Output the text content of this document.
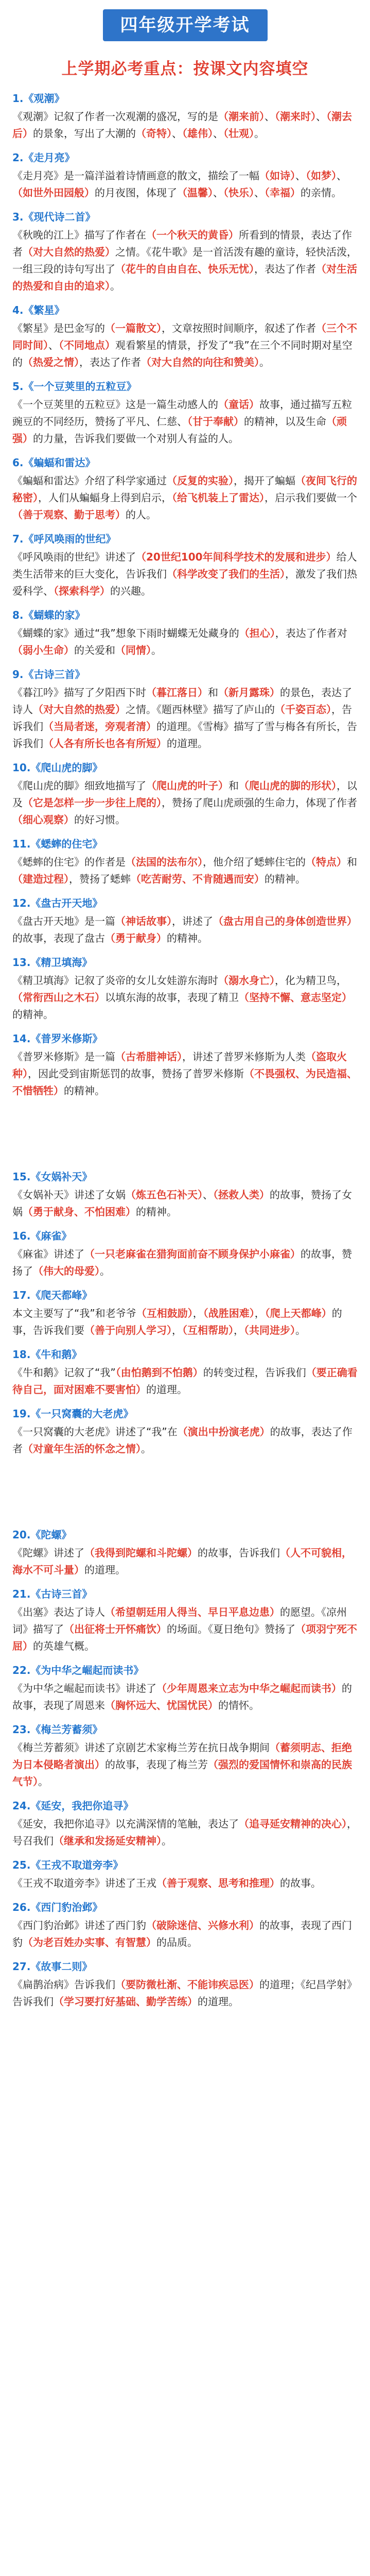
四年级开学考试
上学期必考重点：按课文内容填空
1.《观潮》
《观潮》记叙了作者一次观潮的盛况，写的是（潮来前）、（潮来时）、（潮去后）的景象，写出了大潮的（奇特）、（雄伟）、（壮观）。
2.《走月亮》
《走月亮》是一篇洋溢着诗情画意的散文，描绘了一幅（如诗）、（如梦）、（如世外田园般）的月夜图，体现了（温馨）、（快乐）、（幸福）的亲情。
3.《现代诗二首》
《秋晚的江上》描写了作者在（一个秋天的黄昏）所看到的情景，表达了作者（对大自然的热爱）之情。《花牛歌》是一首活泼有趣的童诗，轻快活泼，一组三段的诗句写出了（花牛的自由自在、快乐无忧），表达了作者（对生活的热爱和自由的追求）。
4.《繁星》
《繁星》是巴金写的（一篇散文），文章按照时间顺序，叙述了作者（三个不同时间）、（不同地点）观看繁星的情景，抒发了“我”在三个不同时期对星空的（热爱之情），表达了作者（对大自然的向往和赞美）。
5.《一个豆荚里的五粒豆》
《一个豆荚里的五粒豆》这是一篇生动感人的（童话）故事，通过描写五粒豌豆的不同经历，赞扬了平凡、仁慈、（甘于奉献）的精神，以及生命（顽强）的力量，告诉我们要做一个对别人有益的人。
6.《蝙蝠和雷达》
《蝙蝠和雷达》介绍了科学家通过（反复的实验），揭开了蝙蝠（夜间飞行的秘密），人们从蝙蝠身上得到启示，（给飞机装上了雷达），启示我们要做一个（善于观察、勤于思考）的人。
7.《呼风唤雨的世纪》
《呼风唤雨的世纪》讲述了（20世纪100年间科学技术的发展和进步）给人类生活带来的巨大变化，告诉我们（科学改变了我们的生活），激发了我们热爱科学、（探索科学）的兴趣。
8.《蝴蝶的家》
《蝴蝶的家》通过“我”想象下雨时蝴蝶无处藏身的（担心），表达了作者对（弱小生命）的关爱和（同情）。
9.《古诗三首》
《暮江吟》描写了夕阳西下时（暮江落日）和（新月露珠）的景色，表达了诗人（对大自然的热爱）之情。《题西林壁》描写了庐山的（千姿百态），告诉我们（当局者迷，旁观者清）的道理。《雪梅》描写了雪与梅各有所长，告诉我们（人各有所长也各有所短）的道理。
10.《爬山虎的脚》
《爬山虎的脚》细致地描写了（爬山虎的叶子）和（爬山虎的脚的形状），以及（它是怎样一步一步往上爬的），赞扬了爬山虎顽强的生命力，体现了作者（细心观察）的好习惯。
11.《蟋蟀的住宅》
《蟋蟀的住宅》的作者是（法国的法布尔），他介绍了蟋蟀住宅的（特点）和（建造过程），赞扬了蟋蟀（吃苦耐劳、不肯随遇而安）的精神。
12.《盘古开天地》
《盘古开天地》是一篇（神话故事），讲述了（盘古用自己的身体创造世界）的故事，表现了盘古（勇于献身）的精神。
13.《精卫填海》
《精卫填海》记叙了炎帝的女儿女娃游东海时（溺水身亡），化为精卫鸟，（常衔西山之木石）以填东海的故事，表现了精卫（坚持不懈、意志坚定）的精神。
14.《普罗米修斯》
《普罗米修斯》是一篇（古希腊神话），讲述了普罗米修斯为人类（盗取火种），因此受到宙斯惩罚的故事，赞扬了普罗米修斯（不畏强权、为民造福、不惜牺牲）的精神。
15.《女娲补天》
《女娲补天》讲述了女娲（炼五色石补天）、（拯救人类）的故事，赞扬了女娲（勇于献身、不怕困难）的精神。
16.《麻雀》
《麻雀》讲述了（一只老麻雀在猎狗面前奋不顾身保护小麻雀）的故事，赞扬了（伟大的母爱）。
17.《爬天都峰》
本文主要写了“我”和老爷爷（互相鼓励），（战胜困难），（爬上天都峰）的事，告诉我们要（善于向别人学习），（互相帮助），（共同进步）。
18.《牛和鹅》
《牛和鹅》记叙了“我”（由怕鹅到不怕鹅）的转变过程，告诉我们（要正确看待自己，面对困难不要害怕）的道理。
19.《一只窝囊的大老虎》
《一只窝囊的大老虎》讲述了“我”在（演出中扮演老虎）的故事，表达了作者（对童年生活的怀念之情）。
20.《陀螺》
《陀螺》讲述了（我得到陀螺和斗陀螺）的故事，告诉我们（人不可貌相，海水不可斗量）的道理。
21.《古诗三首》
《出塞》表达了诗人（希望朝廷用人得当、早日平息边患）的愿望。《凉州词》描写了（出征将士开怀痛饮）的场面。《夏日绝句》赞扬了（项羽宁死不屈）的英雄气概。
22.《为中华之崛起而读书》
《为中华之崛起而读书》讲述了（少年周恩来立志为中华之崛起而读书）的故事，表现了周恩来（胸怀远大、忧国忧民）的情怀。
23.《梅兰芳蓄须》
《梅兰芳蓄须》讲述了京剧艺术家梅兰芳在抗日战争期间（蓄须明志、拒绝为日本侵略者演出）的故事，表现了梅兰芳（强烈的爱国情怀和崇高的民族气节）。
24.《延安，我把你追寻》
《延安，我把你追寻》以充满深情的笔触，表达了（追寻延安精神的决心），号召我们（继承和发扬延安精神）。
25.《王戎不取道旁李》
《王戎不取道旁李》讲述了王戎（善于观察、思考和推理）的故事。
26.《西门豹治邺》
《西门豹治邺》讲述了西门豹（破除迷信、兴修水利）的故事，表现了西门豹（为老百姓办实事、有智慧）的品质。
27.《故事二则》
《扁鹊治病》告诉我们（要防微杜渐、不能讳疾忌医）的道理；《纪昌学射》告诉我们（学习要打好基础、勤学苦练）的道理。
